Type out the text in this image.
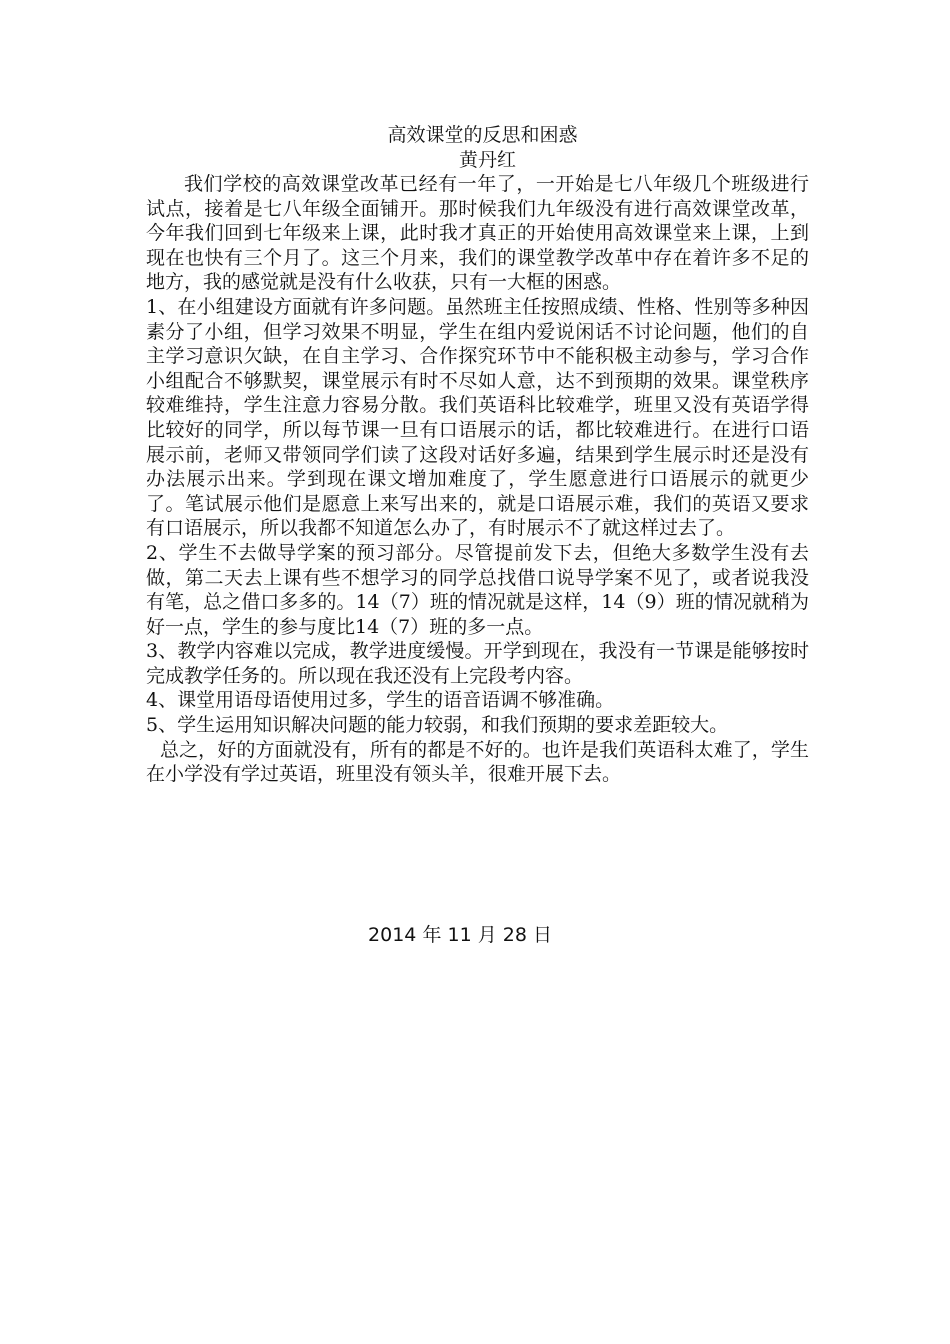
高效课堂的反思和困惑

黄丹红

我们学校的高效课堂改革已经有一年了，一开始是七八年级几个班级进行试点，接着是七八年级全面铺开。那时候我们九年级没有进行高效课堂改革，今年我们回到七年级来上课，此时我才真正的开始使用高效课堂来上课，上到现在也快有三个月了。这三个月来，我们的课堂教学改革中存在着许多不足的地方，我的感觉就是没有什么收获，只有一大框的困惑。

1、在小组建设方面就有许多问题。虽然班主任按照成绩、性格、性别等多种因素分了小组，但学习效果不明显，学生在组内爱说闲话不讨论问题，他们的自主学习意识欠缺，在自主学习、合作探究环节中不能积极主动参与，学习合作小组配合不够默契，课堂展示有时不尽如人意，达不到预期的效果。课堂秩序较难维持，学生注意力容易分散。我们英语科比较难学，班里又没有英语学得比较好的同学，所以每节课一旦有口语展示的话，都比较难进行。在进行口语展示前，老师又带领同学们读了这段对话好多遍，结果到学生展示时还是没有办法展示出来。学到现在课文增加难度了，学生愿意进行口语展示的就更少了。笔试展示他们是愿意上来写出来的，就是口语展示难，我们的英语又要求有口语展示，所以我都不知道怎么办了，有时展示不了就这样过去了。

2、学生不去做导学案的预习部分。尽管提前发下去，但绝大多数学生没有去做，第二天去上课有些不想学习的同学总找借口说导学案不见了，或者说我没有笔，总之借口多多的。14（7）班的情况就是这样，14（9）班的情况就稍为好一点，学生的参与度比14（7）班的多一点。

3、教学内容难以完成，教学进度缓慢。开学到现在，我没有一节课是能够按时完成教学任务的。所以现在我还没有上完段考内容。

4、课堂用语母语使用过多，学生的语音语调不够准确。

5、学生运用知识解决问题的能力较弱，和我们预期的要求差距较大。

总之，好的方面就没有，所有的都是不好的。也许是我们英语科太难了，学生在小学没有学过英语，班里没有领头羊，很难开展下去。

2014 年 11 月 28 日
